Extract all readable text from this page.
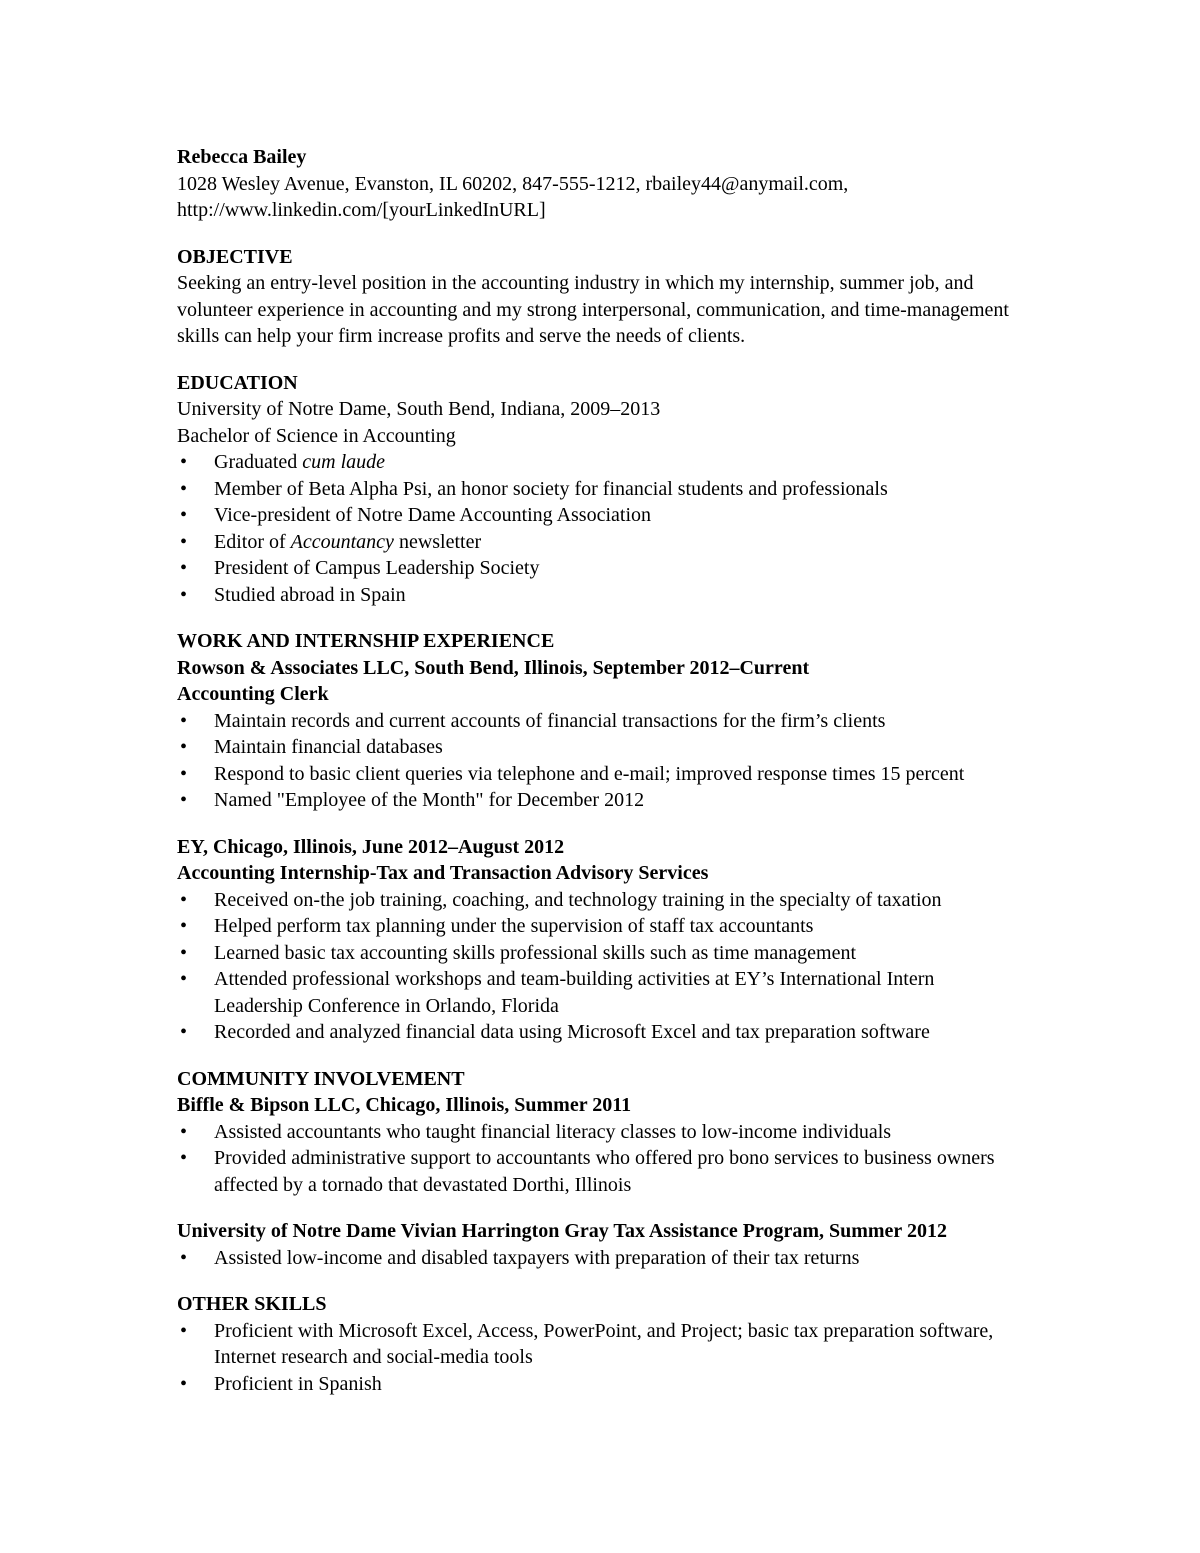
Rebecca Bailey
1028 Wesley Avenue, Evanston, IL 60202, 847-555-1212, rbailey44@anymail.com,
http://www.linkedin.com/[yourLinkedInURL]
OBJECTIVE

Seeking an entry-level position in the accounting industry in which my internship, summer job, and volunteer experience in accounting and my strong interpersonal, communication, and time-management skills can help your firm increase profits and serve the needs of clients.

EDUCATION
University of Notre Dame, South Bend, Indiana, 2009–2013
Bachelor of Science in Accounting
• Graduated cum laude
• Member of Beta Alpha Psi, an honor society for financial students and professionals
• Vice-president of Notre Dame Accounting Association
• Editor of Accountancy newsletter
• President of Campus Leadership Society
• Studied abroad in Spain
WORK AND INTERNSHIP EXPERIENCE
Rowson & Associates LLC, South Bend, Illinois, September 2012–Current
Accounting Clerk
• Maintain records and current accounts of financial transactions for the firm’s clients
• Maintain financial databases
• Respond to basic client queries via telephone and e-mail; improved response times 15 percent
• Named "Employee of the Month" for December 2012
EY, Chicago, Illinois, June 2012–August 2012
Accounting Internship-Tax and Transaction Advisory Services
• Received on-the job training, coaching, and technology training in the specialty of taxation
• Helped perform tax planning under the supervision of staff tax accountants
• Learned basic tax accounting skills professional skills such as time management
• Attended professional workshops and team-building activities at EY’s International Intern Leadership Conference in Orlando, Florida
• Recorded and analyzed financial data using Microsoft Excel and tax preparation software
COMMUNITY INVOLVEMENT
Biffle & Bipson LLC, Chicago, Illinois, Summer 2011
• Assisted accountants who taught financial literacy classes to low-income individuals
• Provided administrative support to accountants who offered pro bono services to business owners affected by a tornado that devastated Dorthi, Illinois
University of Notre Dame Vivian Harrington Gray Tax Assistance Program, Summer 2012
• Assisted low-income and disabled taxpayers with preparation of their tax returns
OTHER SKILLS
• Proficient with Microsoft Excel, Access, PowerPoint, and Project; basic tax preparation software, Internet research and social-media tools
• Proficient in Spanish
